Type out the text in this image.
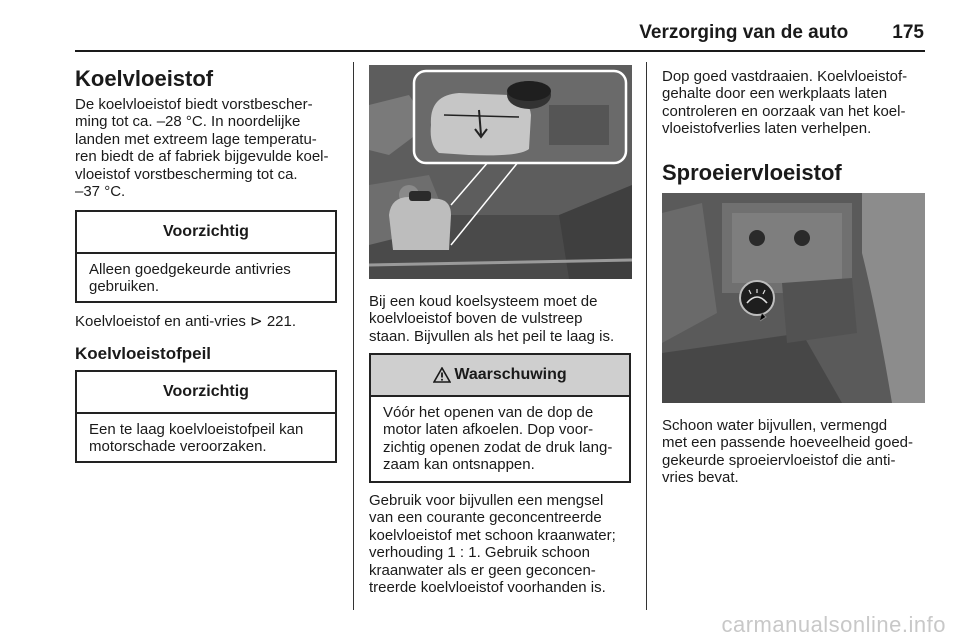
Verzorging van de auto 175
Koelvloeistof
De koelvloeistof biedt vorstbescher-
ming tot ca. –28 °C. In noordelijke
landen met extreem lage temperatu-
ren biedt de af fabriek bijgevulde koel-
vloeistof vorstbescherming tot ca.
–37 °C.
Voorzichtig
Alleen goedgekeurde antivries
gebruiken.
Koelvloeistof en anti-vries ⊳ 221.
Koelvloeistofpeil
Voorzichtig
Een te laag koelvloeistofpeil kan
motorschade veroorzaken.
Bij een koud koelsysteem moet de
koelvloeistof boven de vulstreep
staan. Bijvullen als het peil te laag is.
Waarschuwing
Vóór het openen van de dop de
motor laten afkoelen. Dop voor-
zichtig openen zodat de druk lang-
zaam kan ontsnappen.
Gebruik voor bijvullen een mengsel
van een courante geconcentreerde
koelvloeistof met schoon kraanwater;
verhouding 1 : 1. Gebruik schoon
kraanwater als er geen geconcen-
treerde koelvloeistof voorhanden is.
Dop goed vastdraaien. Koelvloeistof-
gehalte door een werkplaats laten
controleren en oorzaak van het koel-
vloeistofverlies laten verhelpen.
Sproeiervloeistof
Schoon water bijvullen, vermengd
met een passende hoeveelheid goed-
gekeurde sproeiervloeistof die anti-
vries bevat.
carmanualsonline.info
